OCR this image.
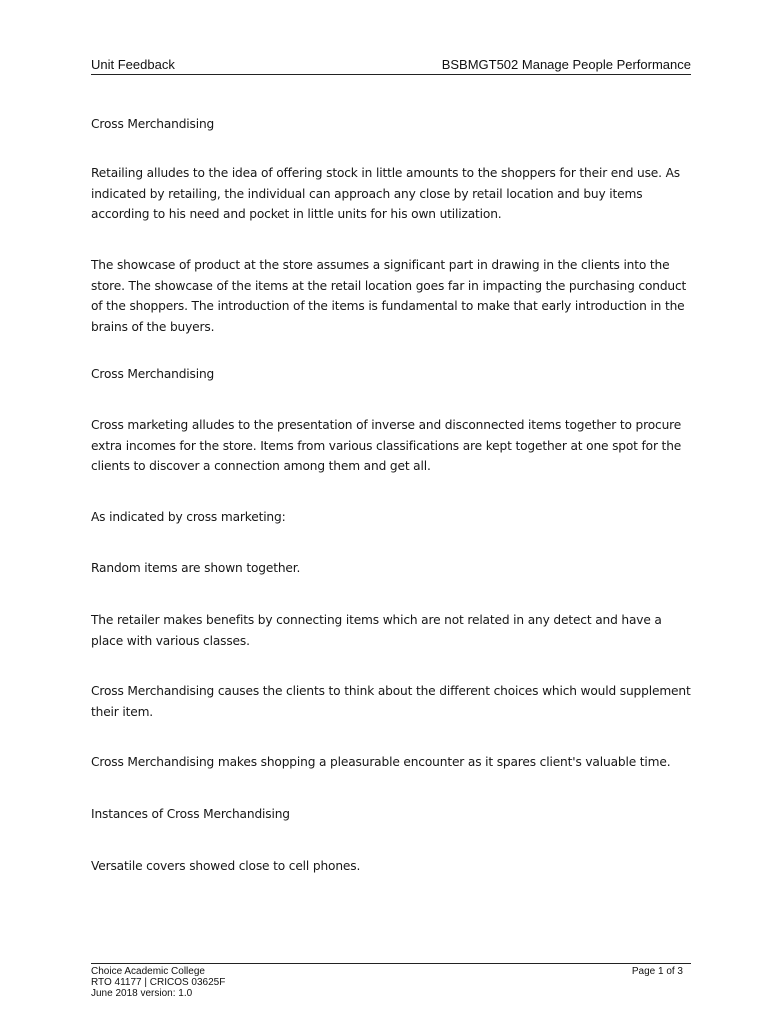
Unit Feedback	BSBMGT502 Manage People Performance
Cross Merchandising
Retailing alludes to the idea of offering stock in little amounts to the shoppers for their end use. As indicated by retailing, the individual can approach any close by retail location and buy items according to his need and pocket in little units for his own utilization.
The showcase of product at the store assumes a significant part in drawing in the clients into the store. The showcase of the items at the retail location goes far in impacting the purchasing conduct of the shoppers. The introduction of the items is fundamental to make that early introduction in the brains of the buyers.
Cross Merchandising
Cross marketing alludes to the presentation of inverse and disconnected items together to procure extra incomes for the store. Items from various classifications are kept together at one spot for the clients to discover a connection among them and get all.
As indicated by cross marketing:
Random items are shown together.
The retailer makes benefits by connecting items which are not related in any detect and have a place with various classes.
Cross Merchandising causes the clients to think about the different choices which would supplement their item.
Cross Merchandising makes shopping a pleasurable encounter as it spares client's valuable time.
Instances of Cross Merchandising
Versatile covers showed close to cell phones.
Choice Academic College
RTO 41177 | CRICOS 03625F
June 2018 version: 1.0
Page 1 of 3
